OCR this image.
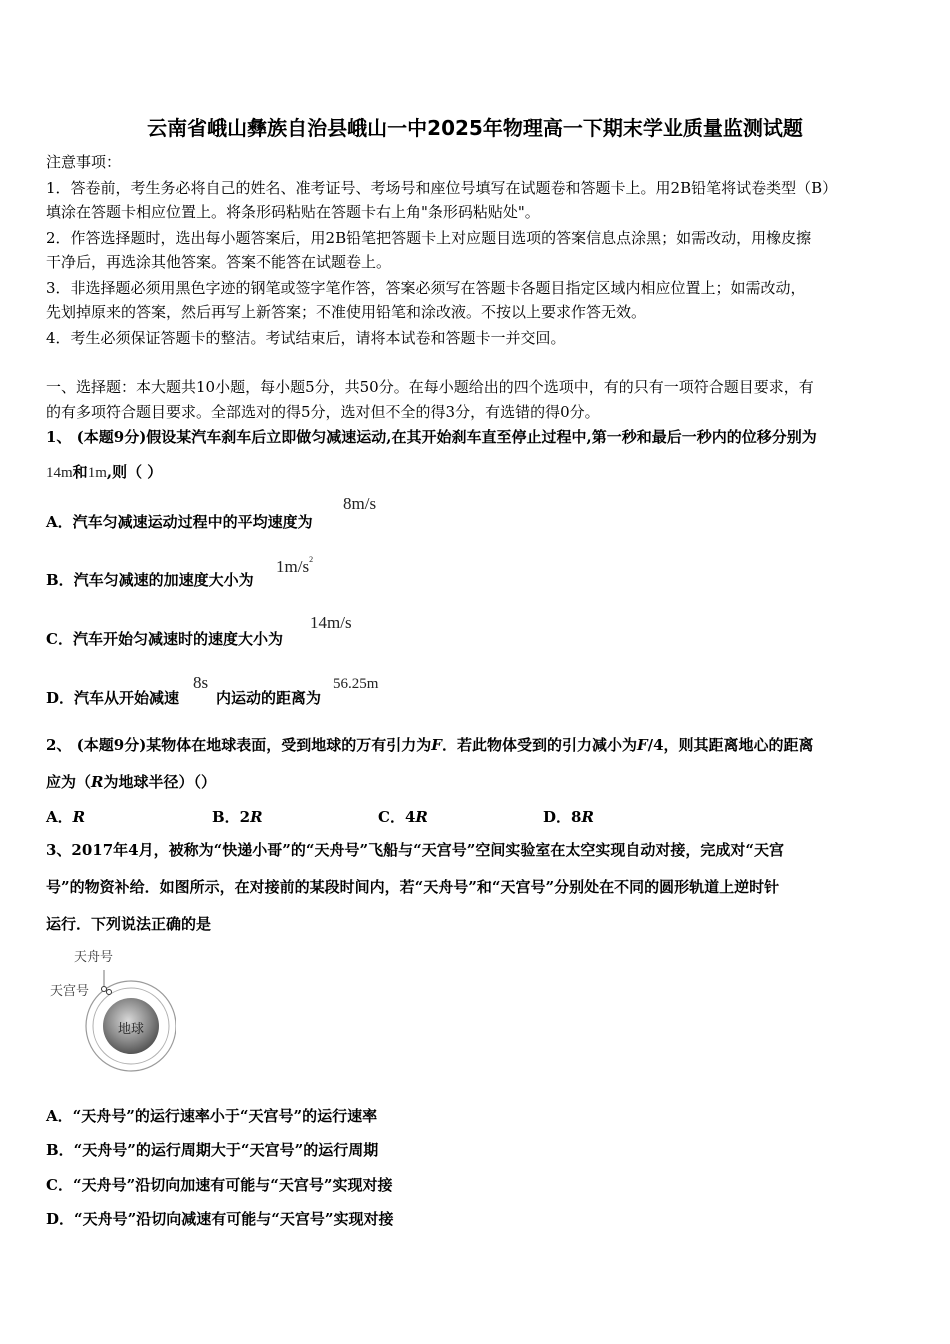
云南省峨山彝族自治县峨山一中2025年物理高一下期末学业质量监测试题
注意事项：
1．答卷前，考生务必将自己的姓名、准考证号、考场号和座位号填写在试题卷和答题卡上。用2B铅笔将试卷类型（B）
填涂在答题卡相应位置上。将条形码粘贴在答题卡右上角"条形码粘贴处"。
2．作答选择题时，选出每小题答案后，用2B铅笔把答题卡上对应题目选项的答案信息点涂黑；如需改动，用橡皮擦
干净后，再选涂其他答案。答案不能答在试题卷上。
3．非选择题必须用黑色字迹的钢笔或签字笔作答，答案必须写在答题卡各题目指定区域内相应位置上；如需改动，
先划掉原来的答案，然后再写上新答案；不准使用铅笔和涂改液。不按以上要求作答无效。
4．考生必须保证答题卡的整洁。考试结束后，请将本试卷和答题卡一并交回。
一、选择题：本大题共10小题，每小题5分，共50分。在每小题给出的四个选项中，有的只有一项符合题目要求，有
的有多项符合题目要求。全部选对的得5分，选对但不全的得3分，有选错的得0分。
1、 (本题9分)假设某汽车刹车后立即做匀减速运动,在其开始刹车直至停止过程中,第一秒和最后一秒内的位移分别为
14m和1m,则（ ）
A．汽车匀减速运动过程中的平均速度为
8m/s
B．汽车匀减速的加速度大小为
$1m/s^2$
C．汽车开始匀减速时的速度大小为
14m/s
D．汽车从开始减速
8s
内运动的距离为
56.25m
2、 (本题9分)某物体在地球表面，受到地球的万有引力为F．若此物体受到的引力减小为F/4，则其距离地心的距离
应为（R为地球半径）（）
A．R	B．2R	C．4R	D．8R
3、2017年4月，被称为“快递小哥”的“天舟号”飞船与“天宫号”空间实验室在太空实现自动对接，完成对“天宫
号”的物资补给．如图所示，在对接前的某段时间内，若“天舟号”和“天宫号”分别处在不同的圆形轨道上逆时针
运行．下列说法正确的是
天舟号
天宫号
地球
A．“天舟号”的运行速率小于“天宫号”的运行速率
B．“天舟号”的运行周期大于“天宫号”的运行周期
C．“天舟号”沿切向加速有可能与“天宫号”实现对接
D．“天舟号”沿切向减速有可能与“天宫号”实现对接
